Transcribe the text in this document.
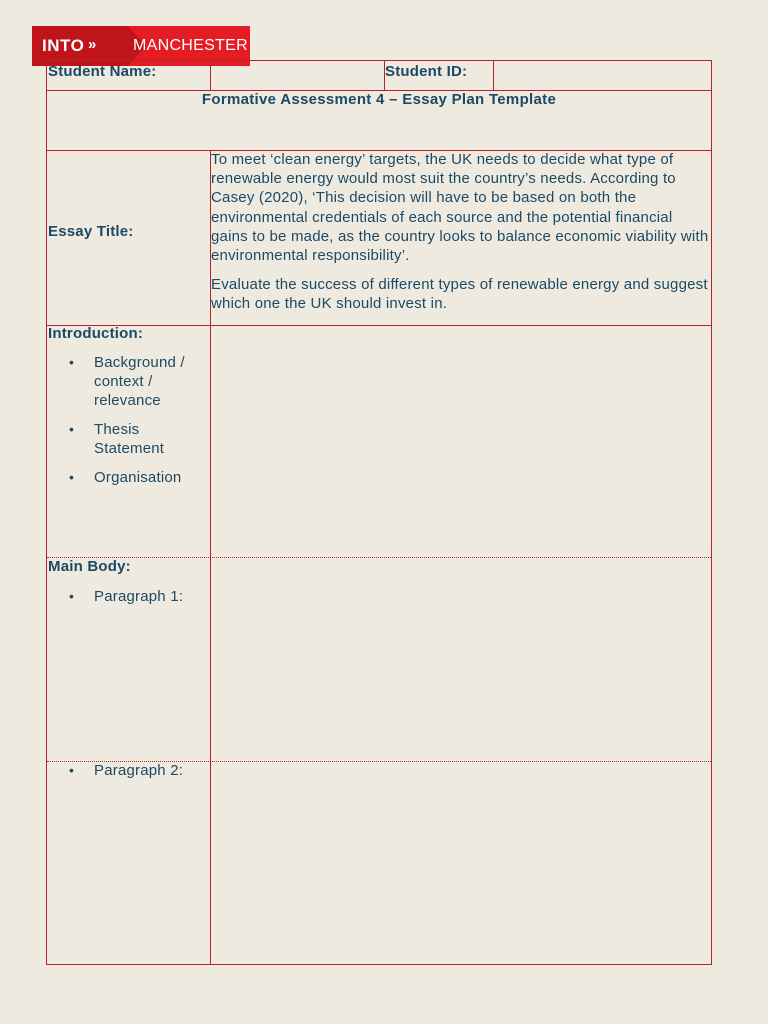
INTO » MANCHESTER
Student Name:	Student ID:
Formative Assessment 4 – Essay Plan Template
Essay Title:

To meet ‘clean energy’ targets, the UK needs to decide what type of renewable energy would most suit the country’s needs. According to Casey (2020), ‘This decision will have to be based on both the environmental credentials of each source and the potential financial gains to be made, as the country looks to balance economic viability with environmental responsibility’.

Evaluate the success of different types of renewable energy and suggest which one the UK should invest in.

Introduction:
• Background / context / relevance
• Thesis Statement
• Organisation
Main Body:
• Paragraph 1:
• Paragraph 2:
